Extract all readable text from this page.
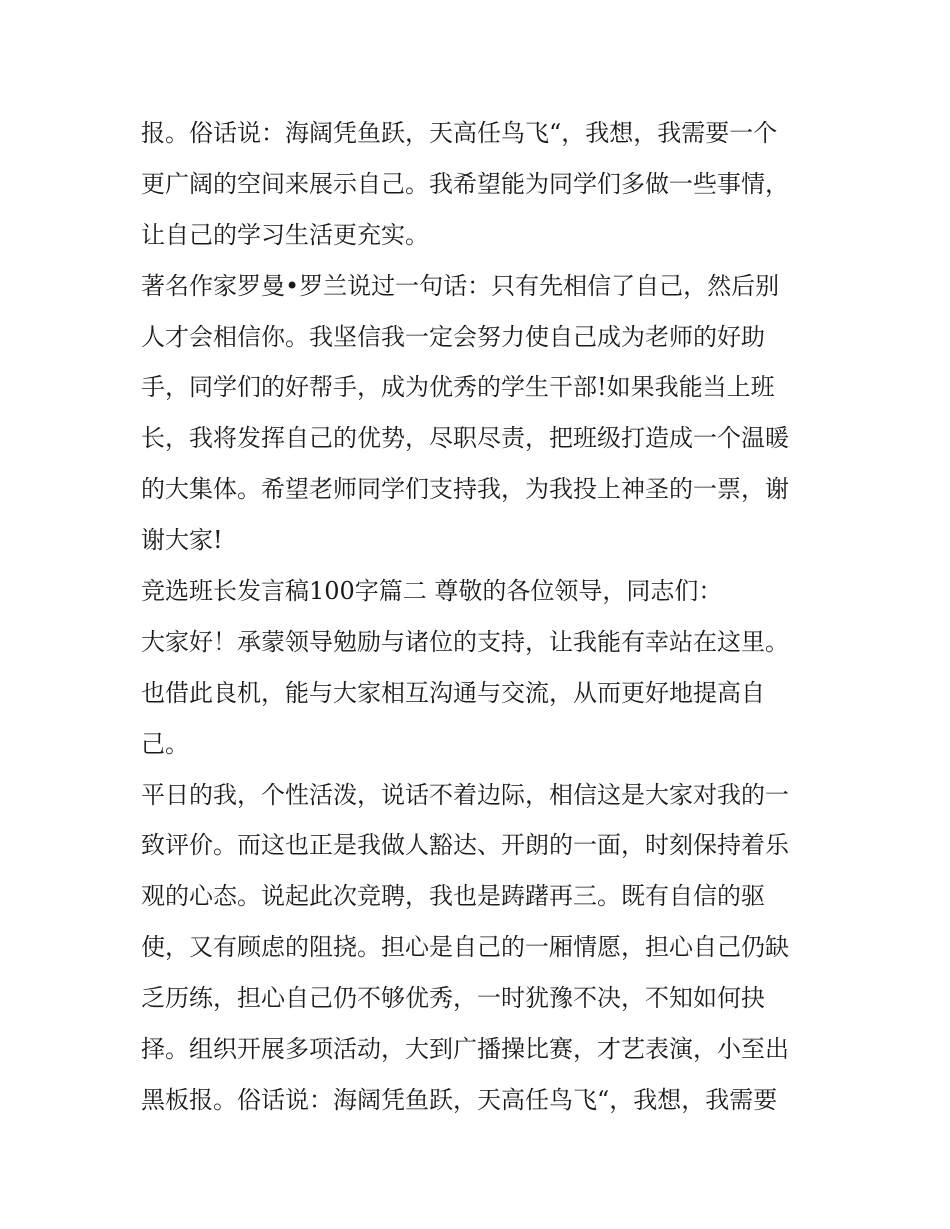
报。俗话说：海阔凭鱼跃，天高任鸟飞“，我想，我需要一个
更广阔的空间来展示自己。我希望能为同学们多做一些事情，
让自己的学习生活更充实。
著名作家罗曼•罗兰说过一句话：只有先相信了自己，然后别
人才会相信你。我坚信我一定会努力使自己成为老师的好助
手，同学们的好帮手，成为优秀的学生干部!如果我能当上班
长，我将发挥自己的优势，尽职尽责，把班级打造成一个温暖
的大集体。希望老师同学们支持我，为我投上神圣的一票，谢
谢大家!
竞选班长发言稿100字篇二 尊敬的各位领导，同志们：
大家好！承蒙领导勉励与诸位的支持，让我能有幸站在这里。
也借此良机，能与大家相互沟通与交流，从而更好地提高自
己。
平日的我，个性活泼，说话不着边际，相信这是大家对我的一
致评价。而这也正是我做人豁达、开朗的一面，时刻保持着乐
观的心态。说起此次竞聘，我也是踌躇再三。既有自信的驱
使，又有顾虑的阻挠。担心是自己的一厢情愿，担心自己仍缺
乏历练，担心自己仍不够优秀，一时犹豫不决，不知如何抉
择。组织开展多项活动，大到广播操比赛，才艺表演，小至出
黑板报。俗话说：海阔凭鱼跃，天高任鸟飞“，我想，我需要
